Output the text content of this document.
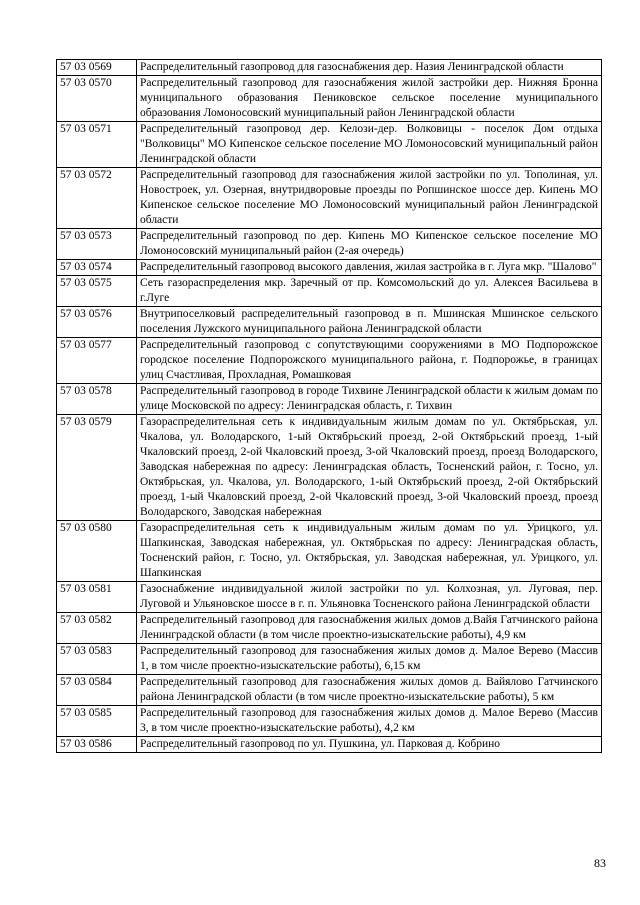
57 03 0569	Распределительный газопровод для газоснабжения дер. Назия Ленинградской области
57 03 0570	Распределительный газопровод для газоснабжения жилой застройки дер. Нижняя Бронна муниципального образования Пениковское сельское поселение муниципального образования Ломоносовский муниципальный район Ленинградской области
57 03 0571	Распределительный газопровод дер. Келози-дер. Волковицы - поселок Дом отдыха "Волковицы" МО Кипенское сельское поселение МО Ломоносовский муниципальный район Ленинградской области
57 03 0572	Распределительный газопровод для газоснабжения жилой застройки по ул. Тополиная, ул. Новостроек, ул. Озерная, внутридворовые проезды по Ропшинское шоссе дер. Кипень МО Кипенское сельское поселение МО Ломоносовский муниципальный район Ленинградской области
57 03 0573	Распределительный газопровод по дер. Кипень МО Кипенское сельское поселение МО Ломоносовский муниципальный район (2-ая очередь)
57 03 0574	Распределительный газопровод высокого давления, жилая застройка в г. Луга мкр. "Шалово"
57 03 0575	Сеть газораспределения мкр. Заречный от пр. Комсомольский до ул. Алексея Васильева в г.Луге
57 03 0576	Внутрипоселковый распределительный газопровод в п. Мшинская Мшинское сельского поселения Лужского муниципального района Ленинградской области
57 03 0577	Распределительный газопровод с сопутствующими сооружениями в МО Подпорожское городское поселение Подпорожского муниципального района, г. Подпорожье, в границах улиц Счастливая, Прохладная, Ромашковая
57 03 0578	Распределительный газопровод в городе Тихвине Ленинградской области к жилым домам по улице Московской по адресу: Ленинградская область, г. Тихвин
57 03 0579	Газораспределительная сеть к индивидуальным жилым домам по ул. Октябрьская, ул. Чкалова, ул. Володарского, 1-ый Октябрьский проезд, 2-ой Октябрьский проезд, 1-ый Чкаловский проезд, 2-ой Чкаловский проезд, 3-ой Чкаловский проезд, проезд Володарского, Заводская набережная по адресу: Ленинградская область, Тосненский район, г. Тосно, ул. Октябрьская, ул. Чкалова, ул. Володарского, 1-ый Октябрьский проезд, 2-ой Октябрьский проезд, 1-ый Чкаловский проезд, 2-ой Чкаловский проезд, 3-ой Чкаловский проезд, проезд Володарского, Заводская набережная
57 03 0580	Газораспределительная сеть к индивидуальным жилым домам по ул. Урицкого, ул. Шапкинская, Заводская набережная, ул. Октябрьская по адресу: Ленинградская область, Тосненский район, г. Тосно, ул. Октябрьская, ул. Заводская набережная, ул. Урицкого, ул. Шапкинская
57 03 0581	Газоснабжение индивидуальной жилой застройки по ул. Колхозная, ул. Луговая, пер. Луговой и Ульяновское шоссе в г. п. Ульяновка Тосненского района Ленинградской области
57 03 0582	Распределительный газопровод для газоснабжения жилых домов д.Вайя Гатчинского района Ленинградской области (в том числе проектно-изыскательские работы), 4,9 км
57 03 0583	Распределительный газопровод для газоснабжения жилых домов д. Малое Верево (Массив 1, в том числе проектно-изыскательские работы), 6,15 км
57 03 0584	Распределительный газопровод для газоснабжения жилых домов д. Вайялово Гатчинского района Ленинградской области (в том числе проектно-изыскательские работы), 5 км
57 03 0585	Распределительный газопровод для газоснабжения жилых домов д. Малое Верево (Массив 3, в том числе проектно-изыскательские работы), 4,2 км
57 03 0586	Распределительный газопровод по ул. Пушкина, ул. Парковая д. Кобрино
83
